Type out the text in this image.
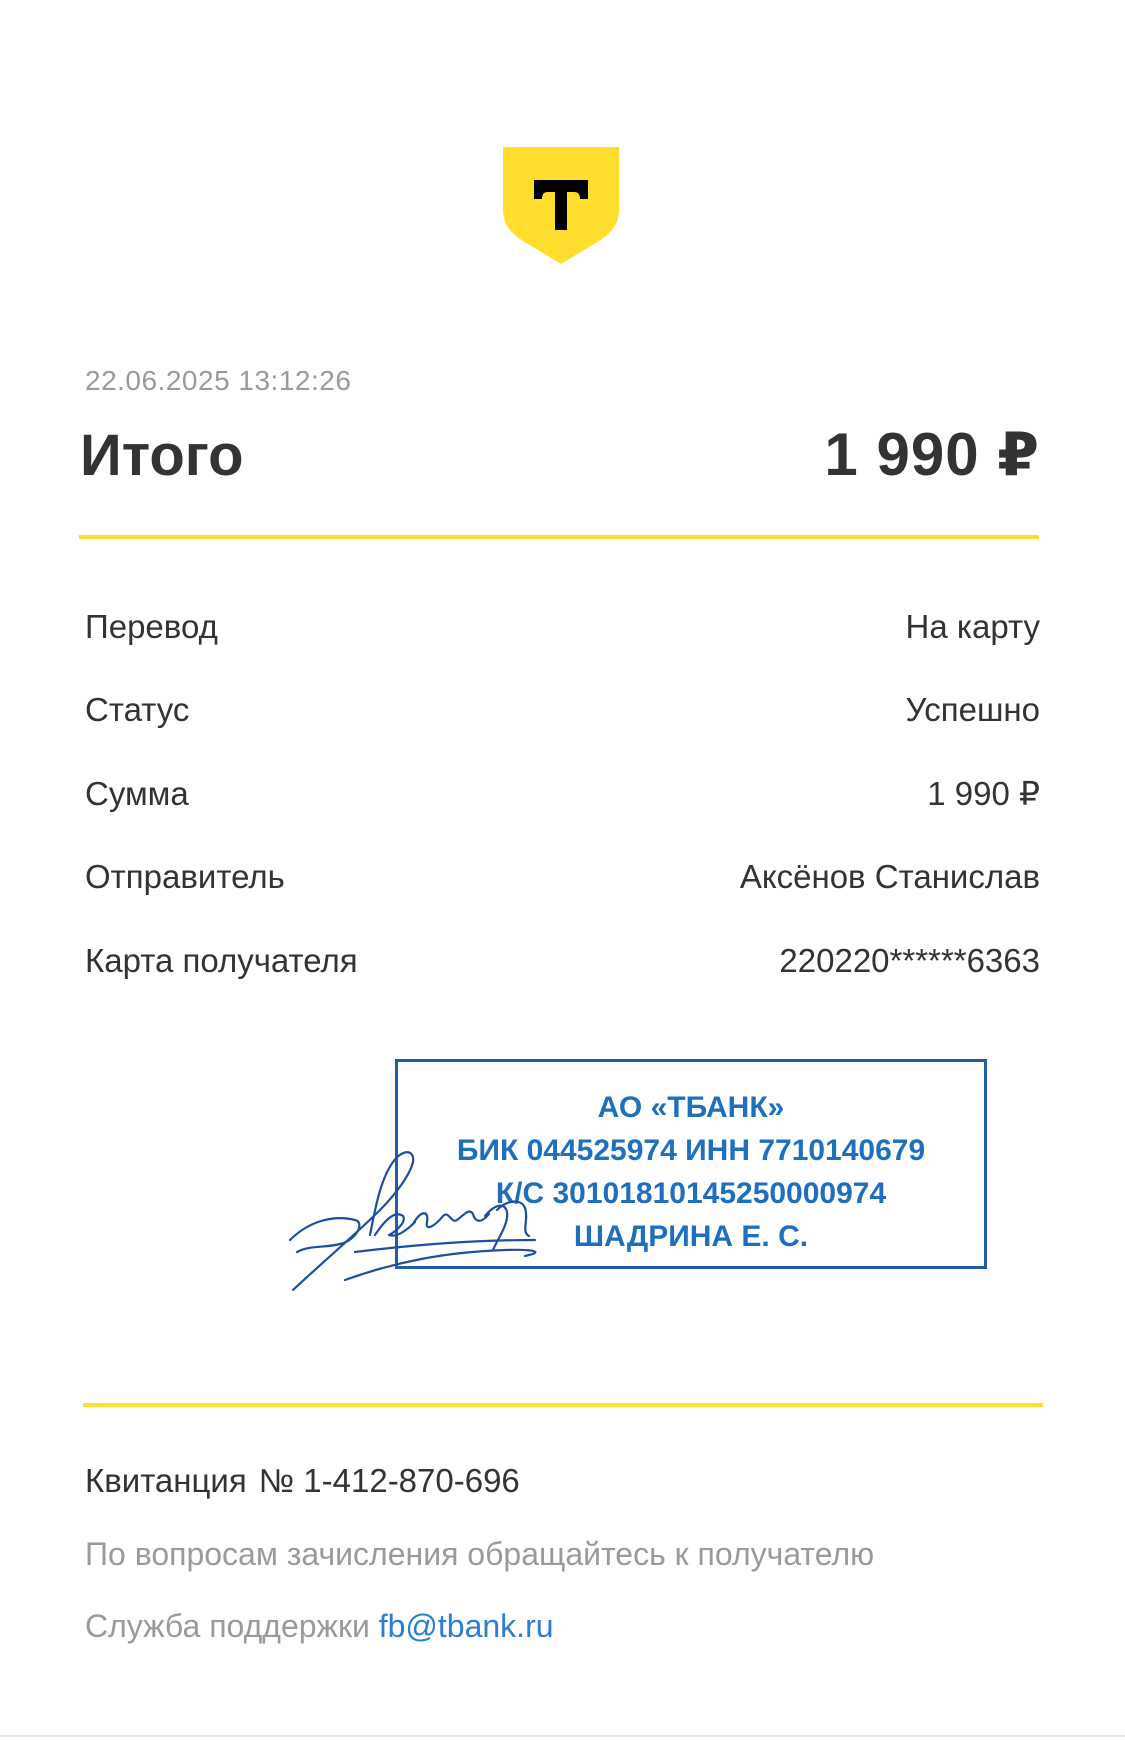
22.06.2025 13:12:26
Итого	1 990 ₽
Перевод	На карту
Статус	Успешно
Сумма	1 990 ₽
Отправитель	Аксёнов Станислав
Карта получателя	220220******6363
АО «ТБАНК»
БИК 044525974 ИНН 7710140679
К/С 30101810145250000974
ШАДРИНА Е. С.
Квитанция № 1-412-870-696
По вопросам зачисления обращайтесь к получателю
Служба поддержки fb@tbank.ru
